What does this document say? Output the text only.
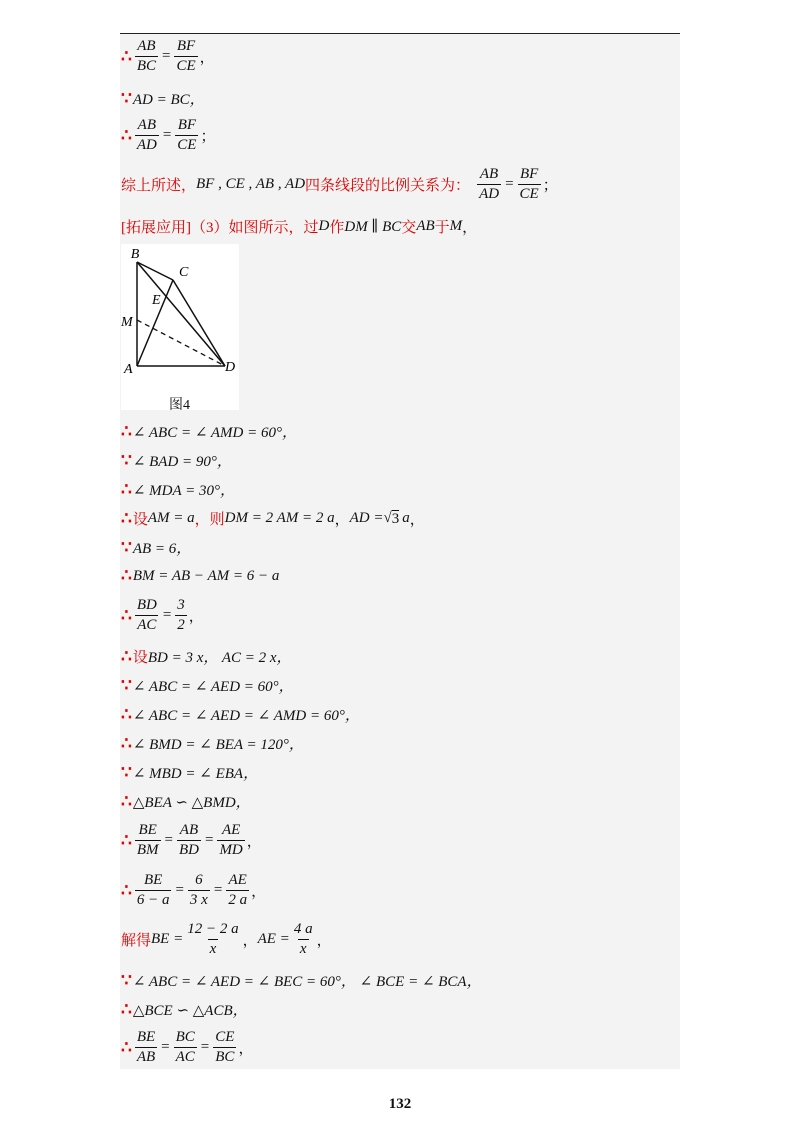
∴ $\frac{AB}{BC} = \frac{BF}{CE}$ ，
∵ AD = BC，
∴ $\frac{AB}{AD} = \frac{BF}{CE}$ ；
综上所述， BF , CE , AB , AD 四条线段的比例关系为： $\frac{AB}{AD} = \frac{BF}{CE}$ ；
[拓展应用]（3）如图所示，过 D 作 DM ∥ BC 交 AB 于 M ，
B
C
E
M
A	D
图4
∴ ∠ ABC = ∠ AMD = 60°，
∵ ∠ BAD = 90°，
∴ ∠ MDA = 30°，
∴ 设 AM = a ，则 DM = 2 AM = 2 a ， AD = √ 3 a ，
∵ AB = 6，
∴ BM = AB − AM = 6 − a
∴ $\frac{BD}{AC} = \frac{3}{2}$ ，
∴ 设 BD = 3 x， AC = 2 x，
∵ ∠ ABC = ∠ AED = 60°，
∴ ∠ ABC = ∠ AED = ∠ AMD = 60°，
∴ ∠ BMD = ∠ BEA = 120°，
∵ ∠ MBD = ∠ EBA，
∴ △BEA ∽ △BMD，
∴ $\frac{BE}{BM} = \frac{AB}{BD} = \frac{AE}{MD}$ ，
∴ $\frac{BE}{6 - a} = \frac{6}{3 x} = \frac{AE}{2 a}$ ，
解得 BE = $\frac{12 - 2 a}{x}$ ， AE = $\frac{4 a}{x}$ ，
∵ ∠ ABC = ∠ AED = ∠ BEC = 60°， ∠ BCE = ∠ BCA，
∴ △BCE ∽ △ACB，
∴ $\frac{BE}{AB} = \frac{BC}{AC} = \frac{CE}{BC}$ ，
132
